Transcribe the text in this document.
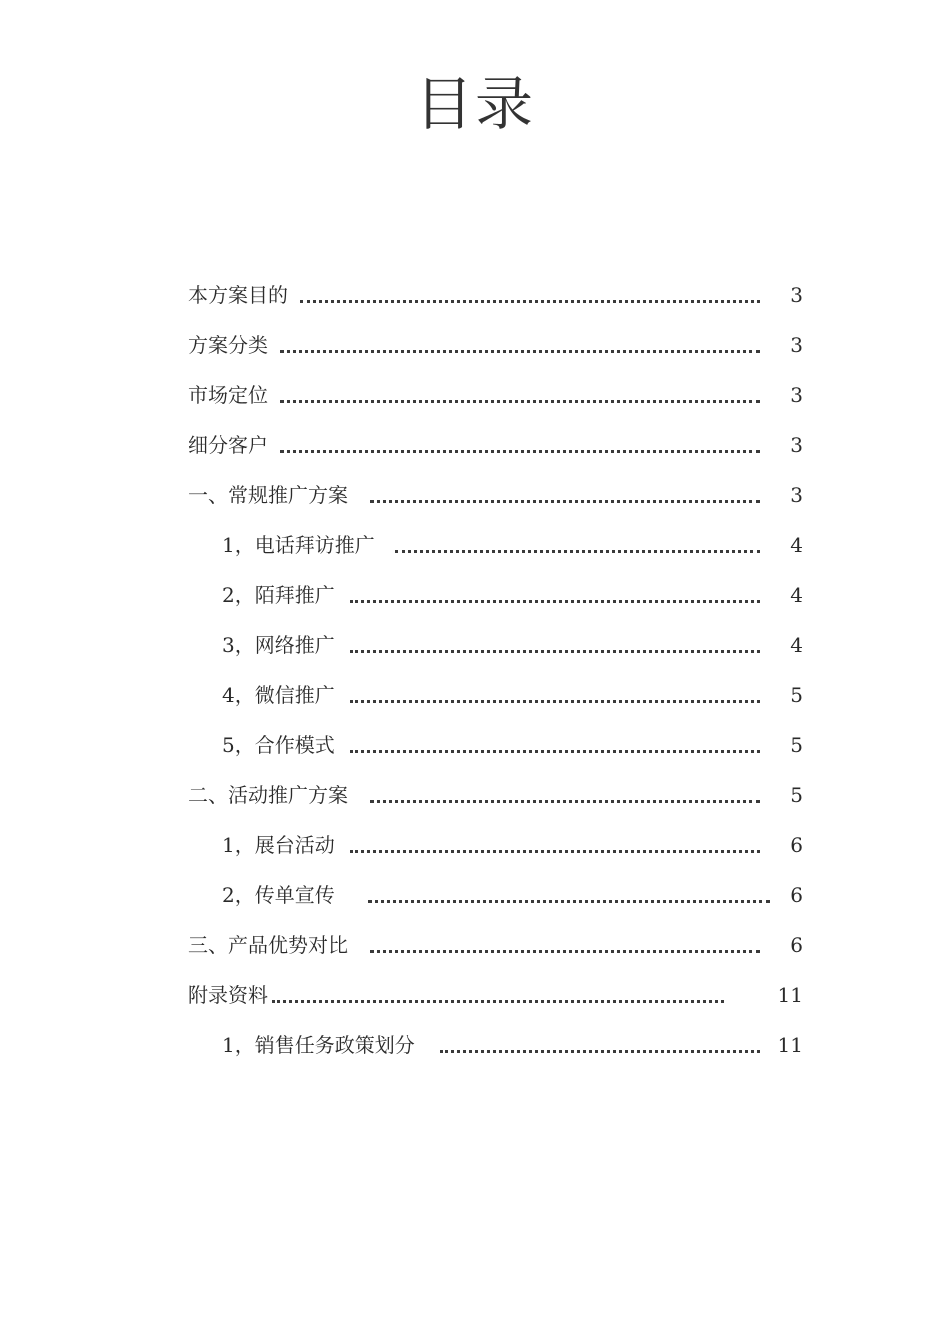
目录
本方案目的	3
方案分类	3
市场定位	3
细分客户	3
一、常规推广方案	3
1，电话拜访推广	4
2，陌拜推广	4
3，网络推广	4
4，微信推广	5
5，合作模式	5
二、活动推广方案	5
1，展台活动	6
2，传单宣传	6
三、产品优势对比	6
附录资料	11
1，销售任务政策划分	11
